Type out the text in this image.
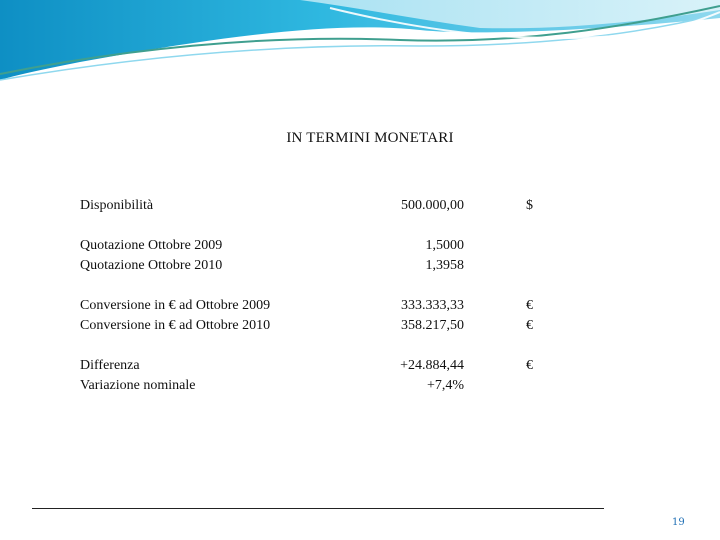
IN TERMINI MONETARI
Disponibilità	500.000,00	$
Quotazione Ottobre 2009	1,5000
Quotazione Ottobre 2010	1,3958
Conversione in € ad Ottobre 2009	333.333,33	€
Conversione in € ad Ottobre 2010	358.217,50	€
Differenza	+24.884,44	€
Variazione nominale	+7,4%
19
